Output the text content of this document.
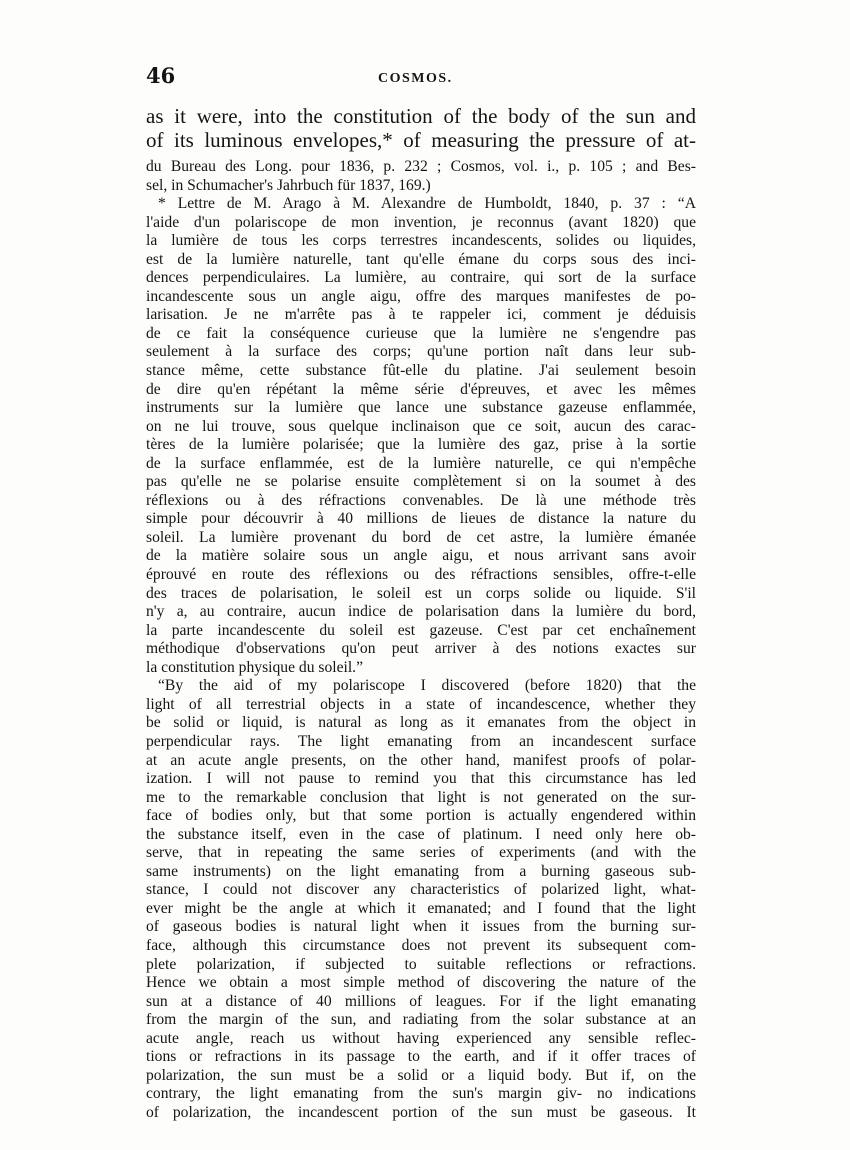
46	COSMOS.

as it were, into the constitution of the body of the sun and
of its luminous envelopes,* of measuring the pressure of at-

du Bureau des Long. pour 1836, p. 232 ; Cosmos, vol. i., p. 105 ; and Bes-
sel, in Schumacher's Jahrbuch für 1837, 169.)

* Lettre de M. Arago à M. Alexandre de Humboldt, 1840, p. 37 : “A
l'aide d'un polariscope de mon invention, je reconnus (avant 1820) que
la lumière de tous les corps terrestres incandescents, solides ou liquides,
est de la lumière naturelle, tant qu'elle émane du corps sous des inci-
dences perpendiculaires. La lumière, au contraire, qui sort de la surface
incandescente sous un angle aigu, offre des marques manifestes de po-
larisation. Je ne m'arrête pas à te rappeler ici, comment je déduisis
de ce fait la conséquence curieuse que la lumière ne s'engendre pas
seulement à la surface des corps; qu'une portion naît dans leur sub-
stance même, cette substance fût-elle du platine. J'ai seulement besoin
de dire qu'en répétant la même série d'épreuves, et avec les mêmes
instruments sur la lumière que lance une substance gazeuse enflammée,
on ne lui trouve, sous quelque inclinaison que ce soit, aucun des carac-
tères de la lumière polarisée; que la lumière des gaz, prise à la sortie
de la surface enflammée, est de la lumière naturelle, ce qui n'empêche
pas qu'elle ne se polarise ensuite complètement si on la soumet à des
réflexions ou à des réfractions convenables. De là une méthode très
simple pour découvrir à 40 millions de lieues de distance la nature du
soleil. La lumière provenant du bord de cet astre, la lumière émanée
de la matière solaire sous un angle aigu, et nous arrivant sans avoir
éprouvé en route des réflexions ou des réfractions sensibles, offre-t-elle
des traces de polarisation, le soleil est un corps solide ou liquide. S'il
n'y a, au contraire, aucun indice de polarisation dans la lumière du bord,
la parte incandescente du soleil est gazeuse. C'est par cet enchaînement
méthodique d'observations qu'on peut arriver à des notions exactes sur
la constitution physique du soleil.”

“By the aid of my polariscope I discovered (before 1820) that the
light of all terrestrial objects in a state of incandescence, whether they
be solid or liquid, is natural as long as it emanates from the object in
perpendicular rays. The light emanating from an incandescent surface
at an acute angle presents, on the other hand, manifest proofs of polar-
ization. I will not pause to remind you that this circumstance has led
me to the remarkable conclusion that light is not generated on the sur-
face of bodies only, but that some portion is actually engendered within
the substance itself, even in the case of platinum. I need only here ob-
serve, that in repeating the same series of experiments (and with the
same instruments) on the light emanating from a burning gaseous sub-
stance, I could not discover any characteristics of polarized light, what-
ever might be the angle at which it emanated; and I found that the light
of gaseous bodies is natural light when it issues from the burning sur-
face, although this circumstance does not prevent its subsequent com-
plete polarization, if subjected to suitable reflections or refractions.
Hence we obtain a most simple method of discovering the nature of the
sun at a distance of 40 millions of leagues. For if the light emanating
from the margin of the sun, and radiating from the solar substance at an
acute angle, reach us without having experienced any sensible reflec-
tions or refractions in its passage to the earth, and if it offer traces of
polarization, the sun must be a solid or a liquid body. But if, on the
contrary, the light emanating from the sun's margin giv‐ no indications
of polarization, the incandescent portion of the sun must be gaseous. It
